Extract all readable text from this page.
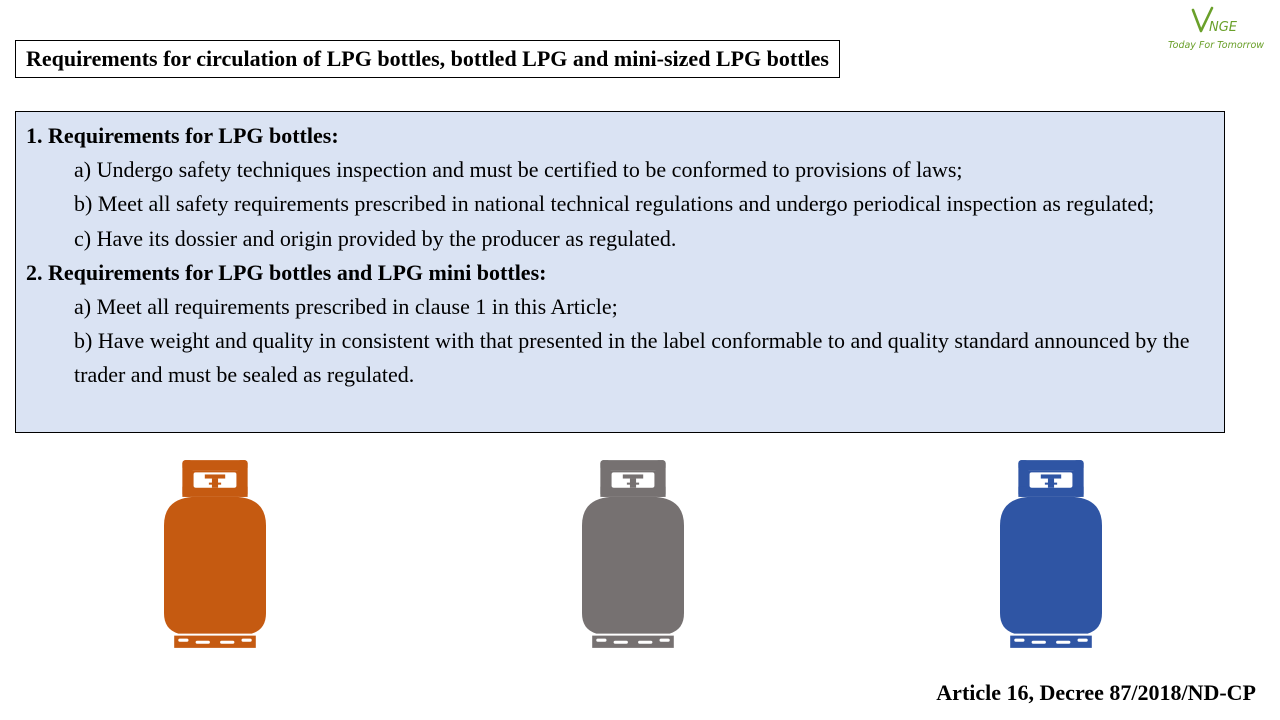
Requirements for circulation of LPG bottles, bottled LPG and mini-sized LPG bottles
NGE
Today For Tomorrow
1. Requirements for LPG bottles:
a) Undergo safety techniques inspection and must be certified to be conformed to provisions of laws;
b) Meet all safety requirements prescribed in national technical regulations and undergo periodical inspection as regulated;
c) Have its dossier and origin provided by the producer as regulated.
2. Requirements for LPG bottles and LPG mini bottles:
a) Meet all requirements prescribed in clause 1 in this Article;
b) Have weight and quality in consistent with that presented in the label conformable to and quality standard announced by the trader and must be sealed as regulated.
Article 16, Decree 87/2018/ND-CP
